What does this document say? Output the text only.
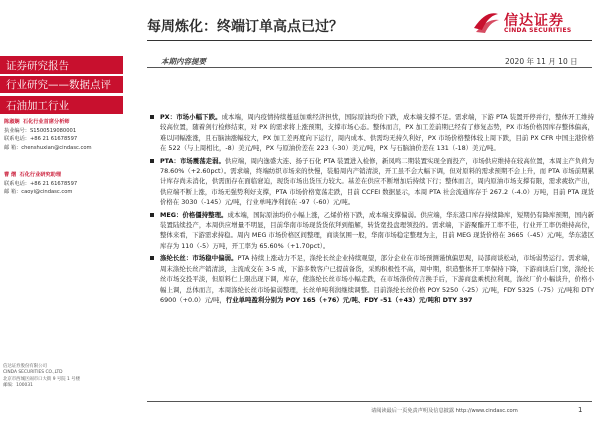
每周炼化：终端订单高点已过？	信达证券
CINDA SECURITIES
本期内容提要	2020 年 11 月 10 日
证券研究报告
行业研究——数据点评
石油加工行业
陈淑娴 石化行业首席分析师
执业编号：S1500519080001
联系电话：+86 21 61678597
邮 箱：chenshuxian@cindasc.com
曹 熠 石化行业研究助理
联系电话：+86 21 61678597
邮 箱：caoyi@cindasc.com
信达证券股份有限公司
CINDA SECURITIES CO.,LTD
北京市西城区闹市口大街 9 号院 1 号楼
邮编：100031
PX：市场小幅下跌。成本端，周内疫情持续蔓延加重经济担忧，国际原油均价下跌，成本端支撑不足。需求端，下游 PTA 装置开停并行，整体开工维持较高位置，随着剑行检修结束，对 PX 的需求将上涨预期，支撑市场心态。整体而言，PX 加工差前期已经有了修复态势，PX 市场价格因库存整体偏高，难以同幅涨涨，且石脑油涨幅较大，PX 加工差再度向下运行，周内成本、供需均无持久利好，PX 市场价格整体较上周下跌，目前 PX CFR 中国主港价格在 522（与上周相比，-8）美元/吨，PX 与原油价差在 223（-30）美元/吨，PX 与石脑油价差在 131（-18）美元/吨。
PTA：市场震荡走弱。供应端，周内逸盛大连、扬子石化 PTA 装置进入检修，新凤鸣二期装置实现全面投产，市场供应维持在较高位置，本周主产负荷为 78.60%（+2.60pct）。需求端，终端纺织市场来的快慢，装船周内产销清淡，开工虽不会大幅下调，但对原料的需求预期不会上升，而 PTA 市场前期累计库存尚未消化，供需面存在面临窘迫，现货市场出货压力较大。基差在供应不断增加后持续下行；整体而言，周内原油市场支撑有限，需求疲软产出，供应端不断上涨，市场无强势利好支撑，PTA 市场价格宽荡走跌，目前 CCFEI 数据显示，本周 PTA 社会流通库存于 267.2（-4.0）万吨，目前 PTA 现货价格在 3030（-145）元/吨，行业单吨净利润在 -97（-60）元/吨。
MEG：价格僵持整理。成本端，国际原油均价小幅上涨，乙烯价格下跌，成本端支撑偏弱。供应端，华东港口库存持续降库，短期仍有降库预期，国内新装置陆续投产，本周供应增量不明显，目前华南市场现货货依拜到船解，转货宽投盘理领投的。需求端，下游聚酯开工率不佳，行业开工率仍维持高位，整体来看，下游需求持稳。周内 MEG 市场价格区间整理，商谈氛围一般，华南市场稳定整理为主，目前 MEG 现货价格在 3665（-45）元/吨，华东港区库存为 110（-5）万吨，开工率为 65.60%（+1.70pct）。
涤纶长丝：市场稳中偏弱。PTA 持续上涨动力不足，涤纶长丝企业持续观望，部分企业在市场预测谨慎偏思观，局部商谈松动，市场弱势运行。需求端，周末涤纶长丝产销清淡，主流成交在 3-5 成，下游多数客户已提前备货，采购积极性不高，周中期，织造整体开工率保持下降，下游商谈后门窦，涤纶长丝市场交投平淡，但原料仁上限出现下调，库存，使涤纶长丝市场小幅走跌，在市场涤价传言换手后，下游商盘乘机拉利观，涤丝厂价小幅谈升，价格小幅上调，总体而言，本周涤纶长丝市场偏弱整理，长丝单吨利润继续调整。目前涤纶长丝价格 POY 5250（-25）元/吨，FDY 5325（-75）元/吨和 DTY 6900（+0.0）元/吨，行业单吨盈利分别为 POY 165（+76）元/吨、FDY -51（+43）元/吨和 DTY 397
请阅读最后一页免责声明及信息披露 http://www.cindasc.com	1
